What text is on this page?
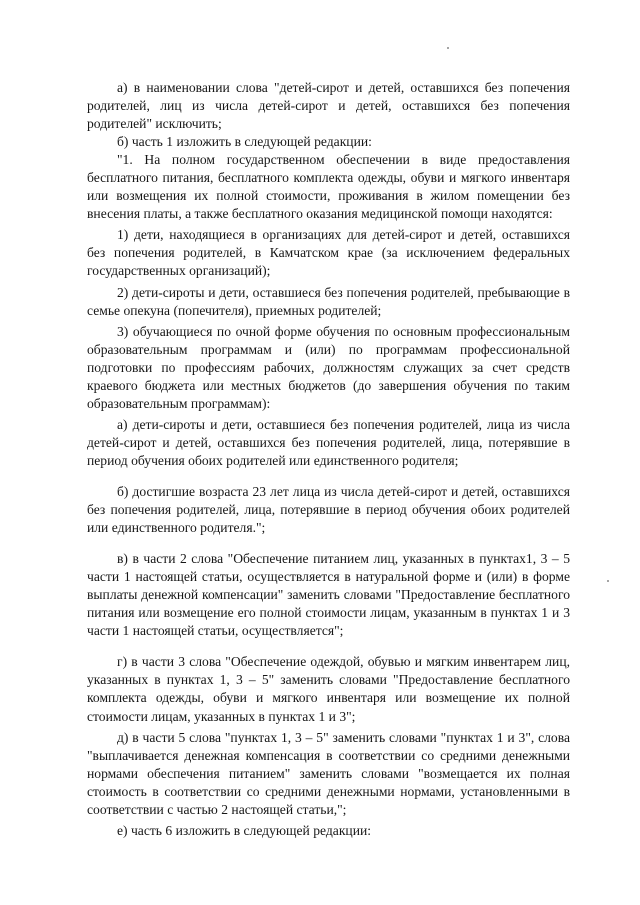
а) в наименовании слова "детей-сирот и детей, оставшихся без попечения родителей, лиц из числа детей-сирот и детей, оставшихся без попечения родителей" исключить;

б) часть 1 изложить в следующей редакции:

"1. На полном государственном обеспечении в виде предоставления бесплатного питания, бесплатного комплекта одежды, обуви и мягкого инвентаря или возмещения их полной стоимости, проживания в жилом помещении без внесения платы, а также бесплатного оказания медицинской помощи находятся:

1) дети, находящиеся в организациях для детей-сирот и детей, оставшихся без попечения родителей, в Камчатском крае (за исключением федеральных государственных организаций);

2) дети-сироты и дети, оставшиеся без попечения родителей, пребывающие в семье опекуна (попечителя), приемных родителей;

3) обучающиеся по очной форме обучения по основным профессиональным образовательным программам и (или) по программам профессиональной подготовки по профессиям рабочих, должностям служащих за счет средств краевого бюджета или местных бюджетов (до завершения обучения по таким образовательным программам):

а) дети-сироты и дети, оставшиеся без попечения родителей, лица из числа детей-сирот и детей, оставшихся без попечения родителей, лица, потерявшие в период обучения обоих родителей или единственного родителя;

б) достигшие возраста 23 лет лица из числа детей-сирот и детей, оставшихся без попечения родителей, лица, потерявшие в период обучения обоих родителей или единственного родителя.";

в) в части 2 слова "Обеспечение питанием лиц, указанных в пунктах1, 3 – 5 части 1 настоящей статьи, осуществляется в натуральной форме и (или) в форме выплаты денежной компенсации" заменить словами "Предоставление бесплатного питания или возмещение его полной стоимости лицам, указанным в пунктах 1 и 3 части 1 настоящей статьи, осуществляется";

г) в части 3 слова "Обеспечение одеждой, обувью и мягким инвентарем лиц, указанных в пунктах 1, 3 – 5" заменить словами "Предоставление бесплатного комплекта одежды, обуви и мягкого инвентаря или возмещение их полной стоимости лицам, указанных в пунктах 1 и 3";

д) в части 5 слова "пунктах 1, 3 – 5" заменить словами "пунктах 1 и 3", слова "выплачивается денежная компенсация в соответствии со средними денежными нормами обеспечения питанием" заменить словами "возмещается их полная стоимость в соответствии со средними денежными нормами, установленными в соответствии с частью 2 настоящей статьи,";

е) часть 6 изложить в следующей редакции:
